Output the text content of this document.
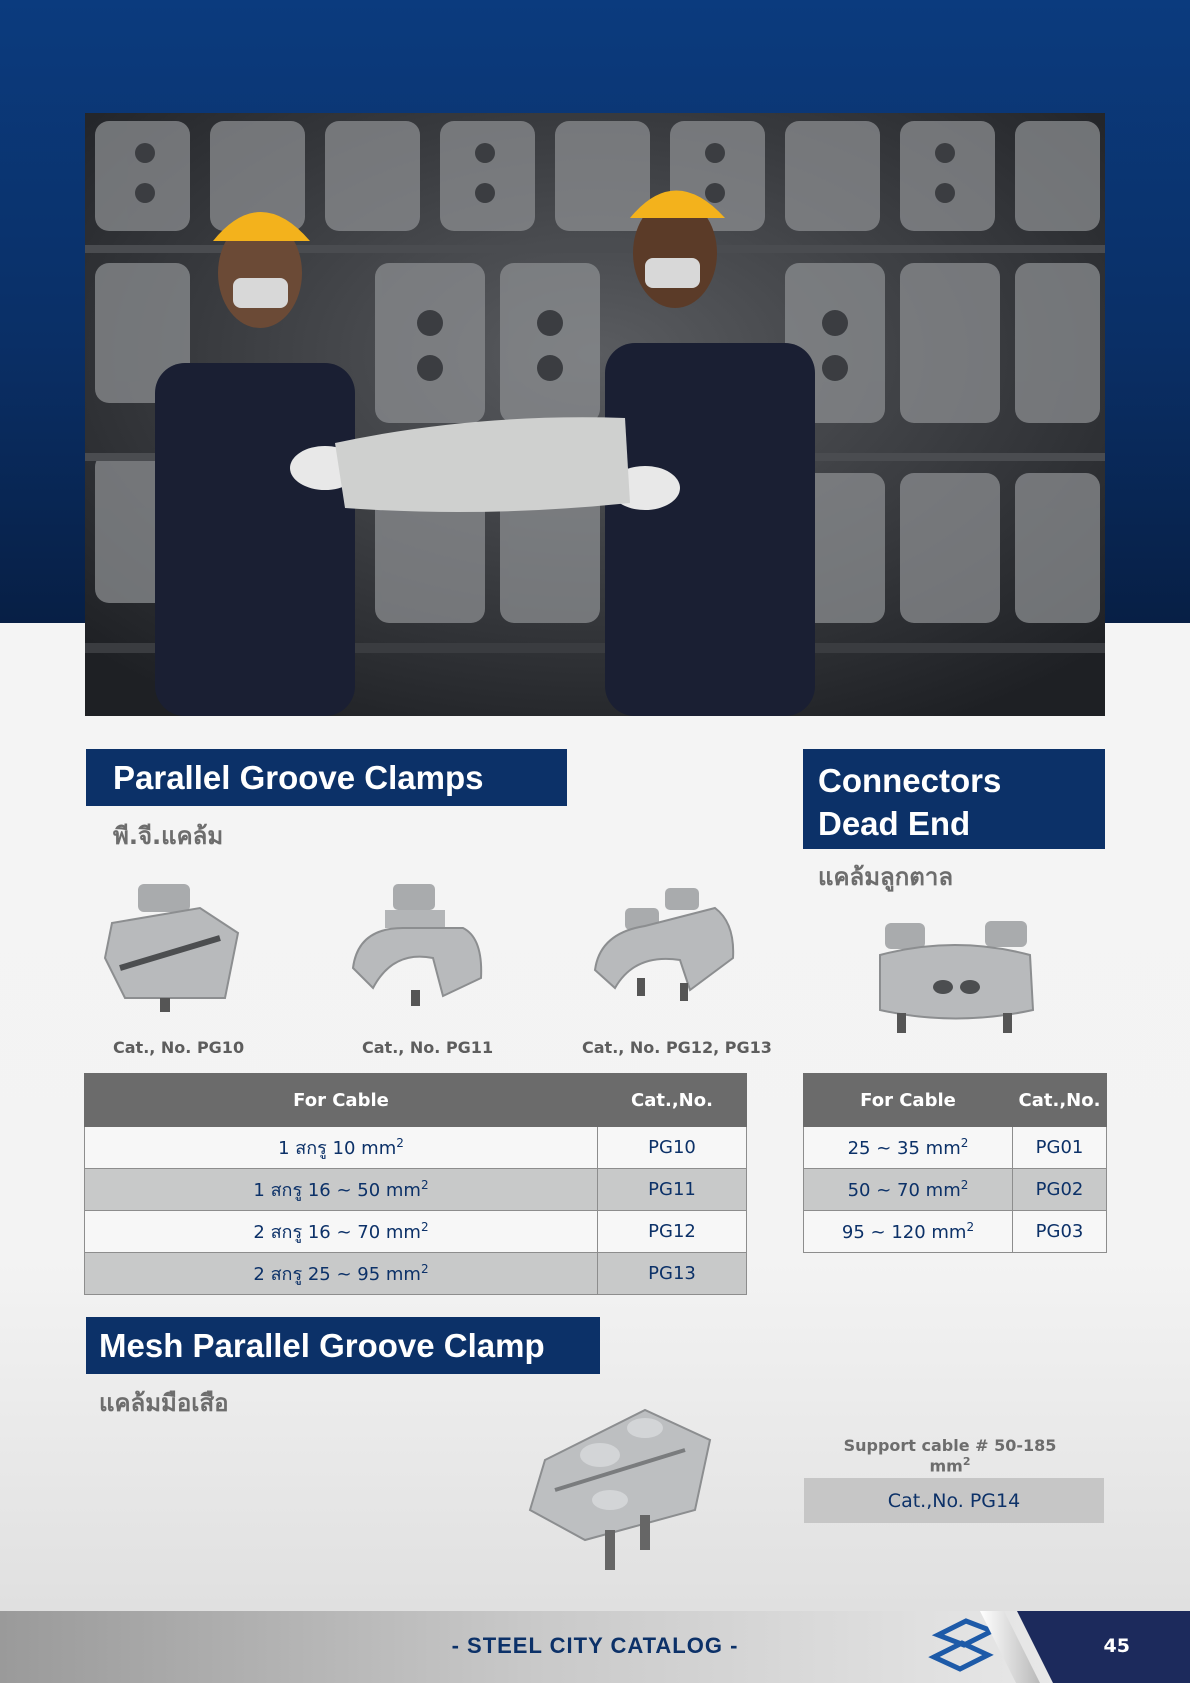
Parallel Groove Clamps
พี.จี.แคล้ม
Cat., No. PG10	Cat., No. PG11	Cat., No. PG12, PG13
For Cable	Cat.,No.
1 สกรู 10 $mm^2$	PG10
1 สกรู 16 ~ 50 $mm^2$	PG11
2 สกรู 16 ~ 70 $mm^2$	PG12
2 สกรู 25 ~ 95 $mm^2$	PG13
Connectors
Dead End
แคล้มลูกตาล
For Cable	Cat.,No.
25 ~ 35 $mm^2$	PG01
50 ~ 70 $mm^2$	PG02
95 ~ 120 $mm^2$	PG03
Mesh Parallel Groove Clamp
แคล้มมือเสือ
Support cable # 50-185 $mm^2$
Cat.,No. PG14
- STEEL CITY CATALOG -	45
